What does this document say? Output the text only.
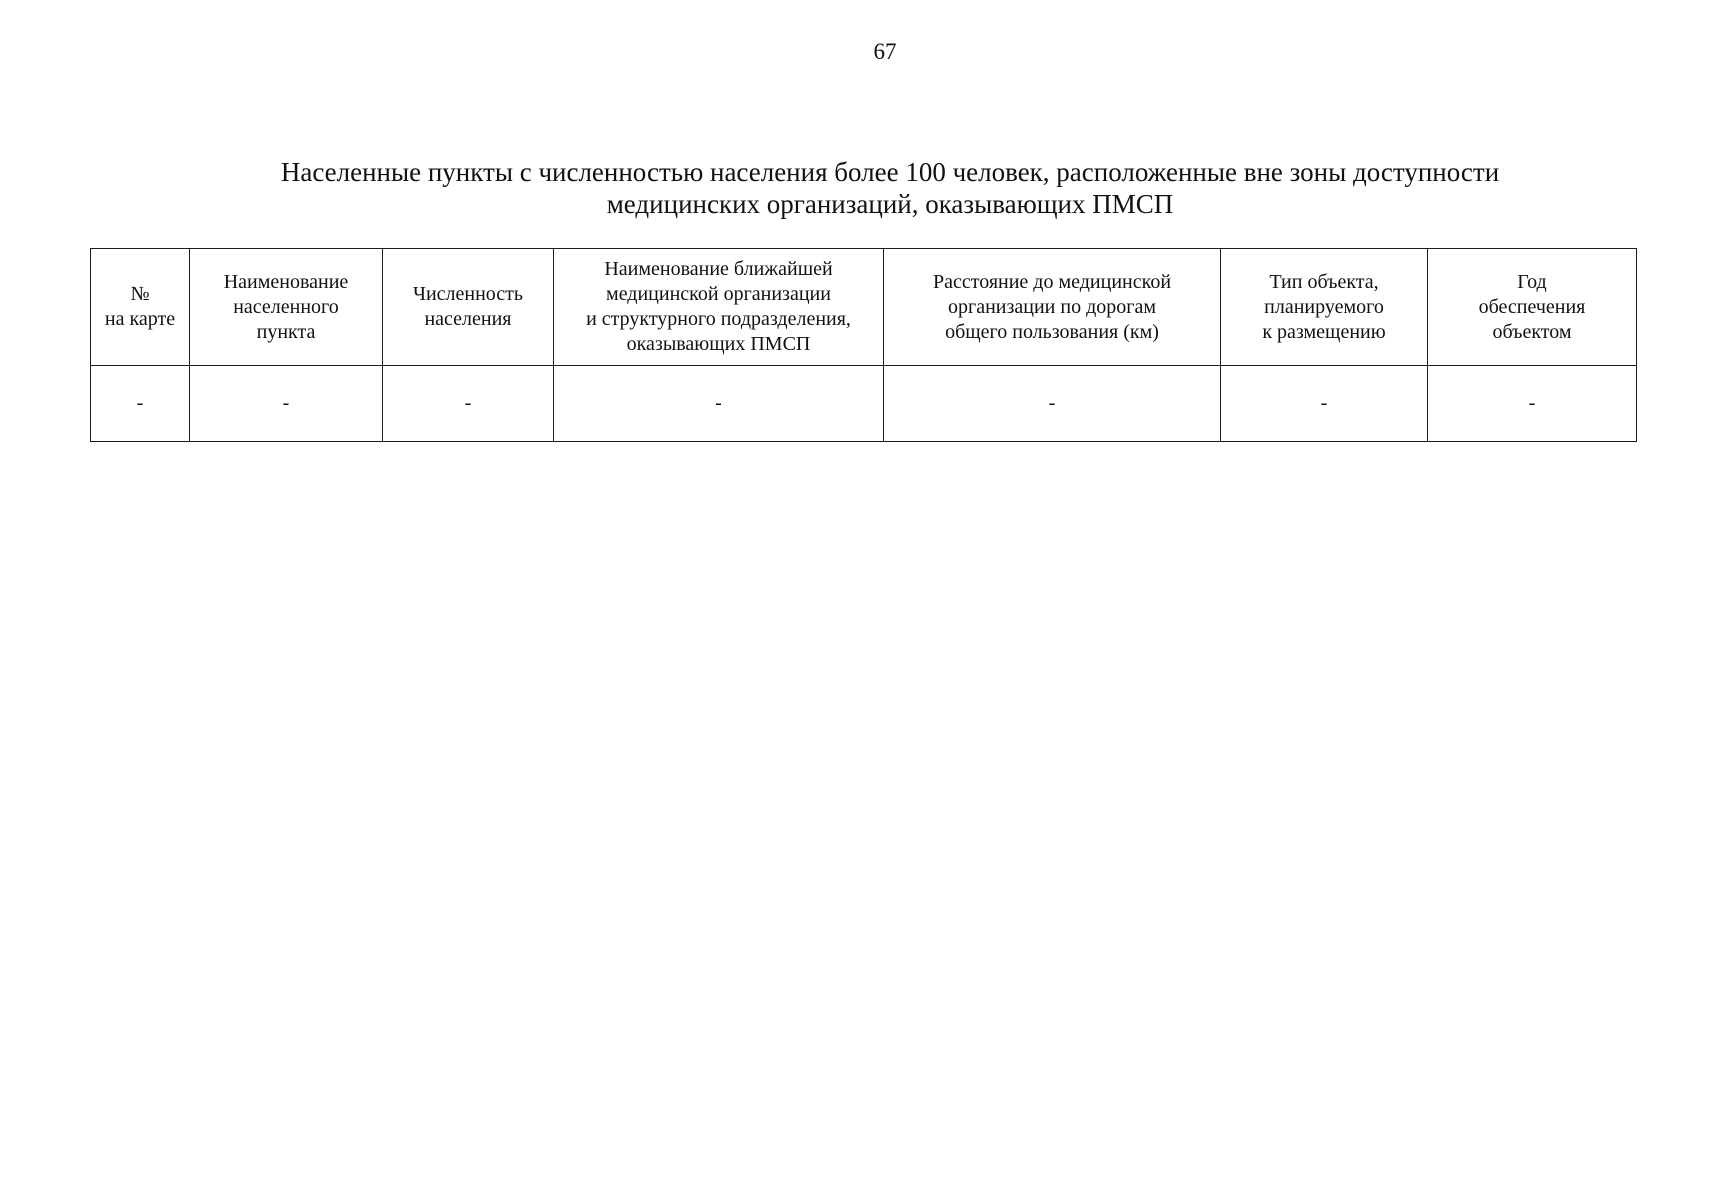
67
Населенные пункты с численностью населения более 100 человек, расположенные вне зоны доступности
медицинских организаций, оказывающих ПМСП
№
на карте	Наименование
населенного
пункта	Численность
населения	Наименование ближайшей
медицинской организации
и структурного подразделения,
оказывающих ПМСП	Расстояние до медицинской
организации по дорогам
общего пользования (км)	Тип объекта,
планируемого
к размещению	Год
обеспечения
объектом

-	-	-	-	-	-	-
